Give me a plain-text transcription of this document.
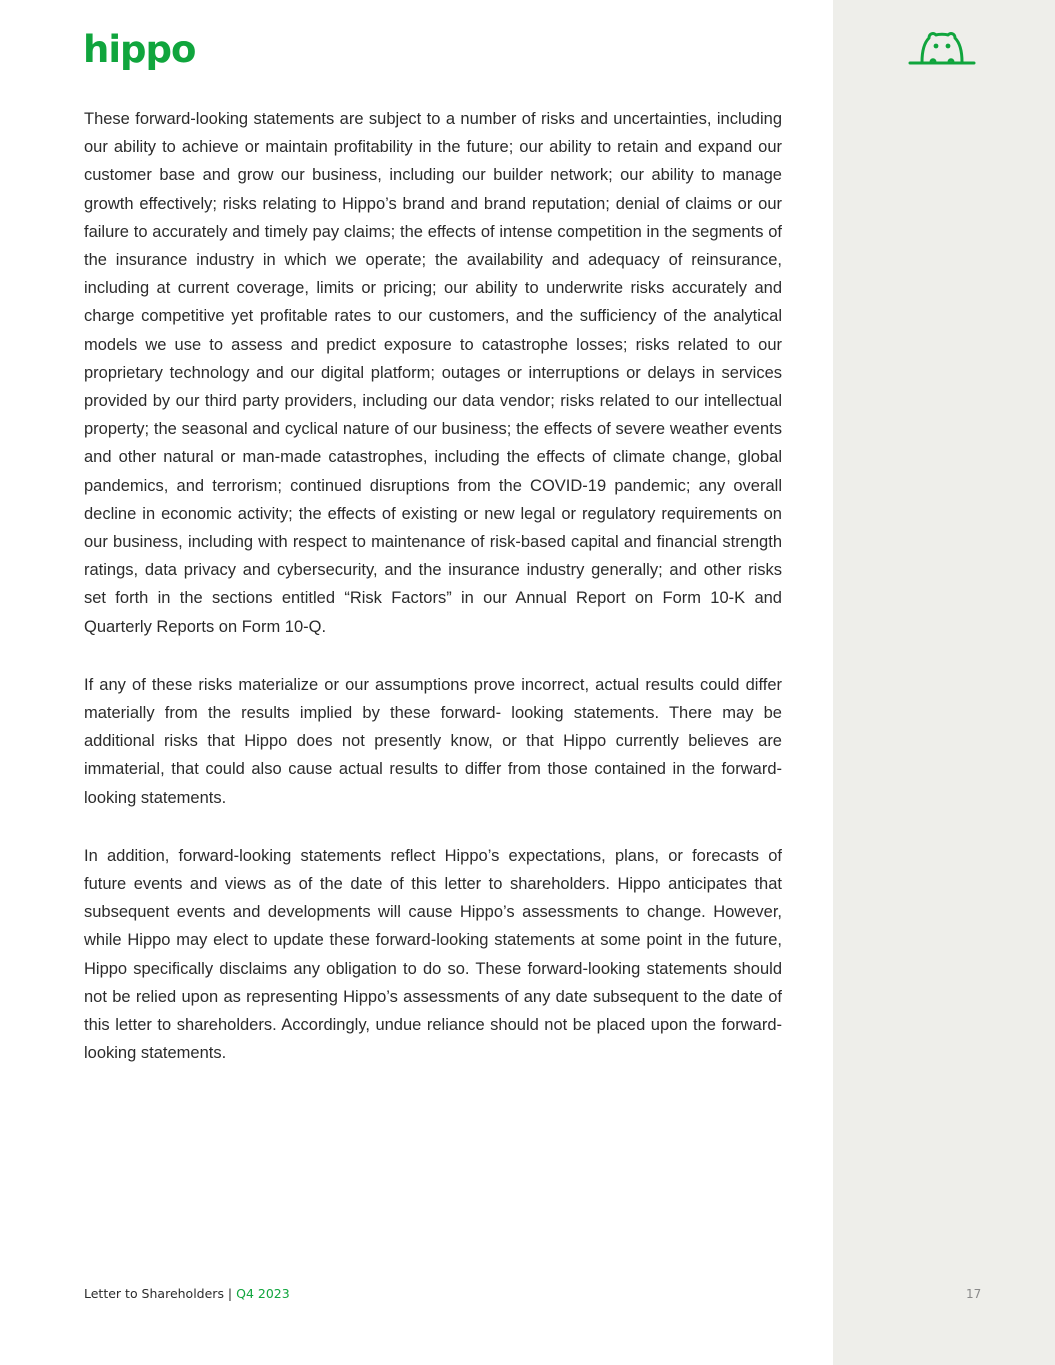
hippo

These forward-looking statements are subject to a number of risks and uncertainties, including our ability to achieve or maintain profitability in the future; our ability to retain and expand our customer base and grow our business, including our builder network; our ability to manage growth effectively; risks relating to Hippo’s brand and brand reputation; denial of claims or our failure to accurately and timely pay claims; the effects of intense competition in the segments of the insurance industry in which we operate; the availability and adequacy of reinsurance, including at current coverage, limits or pricing; our ability to underwrite risks accurately and charge competitive yet profitable rates to our customers, and the sufficiency of the analytical models we use to assess and predict exposure to catastrophe losses; risks related to our proprietary technology and our digital platform; outages or interruptions or delays in services provided by our third party providers, including our data vendor; risks related to our intellectual property; the seasonal and cyclical nature of our business; the effects of severe weather events and other natural or man-made catastrophes, including the effects of climate change, global pandemics, and terrorism; continued disruptions from the COVID-19 pandemic; any overall decline in economic activity; the effects of existing or new legal or regulatory requirements on our business, including with respect to maintenance of risk-based capital and financial strength ratings, data privacy and cybersecurity, and the insurance industry generally; and other risks set forth in the sections entitled “Risk Factors” in our Annual Report on Form 10-K and Quarterly Reports on Form 10-Q.

If any of these risks materialize or our assumptions prove incorrect, actual results could differ materially from the results implied by these forward- looking statements. There may be additional risks that Hippo does not presently know, or that Hippo currently believes are immaterial, that could also cause actual results to differ from those contained in the forward- looking statements.

In addition, forward-looking statements reflect Hippo’s expectations, plans, or forecasts of future events and views as of the date of this letter to shareholders. Hippo anticipates that subsequent events and developments will cause Hippo’s assessments to change. However, while Hippo may elect to update these forward-looking statements at some point in the future, Hippo specifically disclaims any obligation to do so. These forward-looking statements should not be relied upon as representing Hippo’s assessments of any date subsequent to the date of this letter to shareholders. Accordingly, undue reliance should not be placed upon the forward-looking statements.

Letter to Shareholders | Q4 2023	17
